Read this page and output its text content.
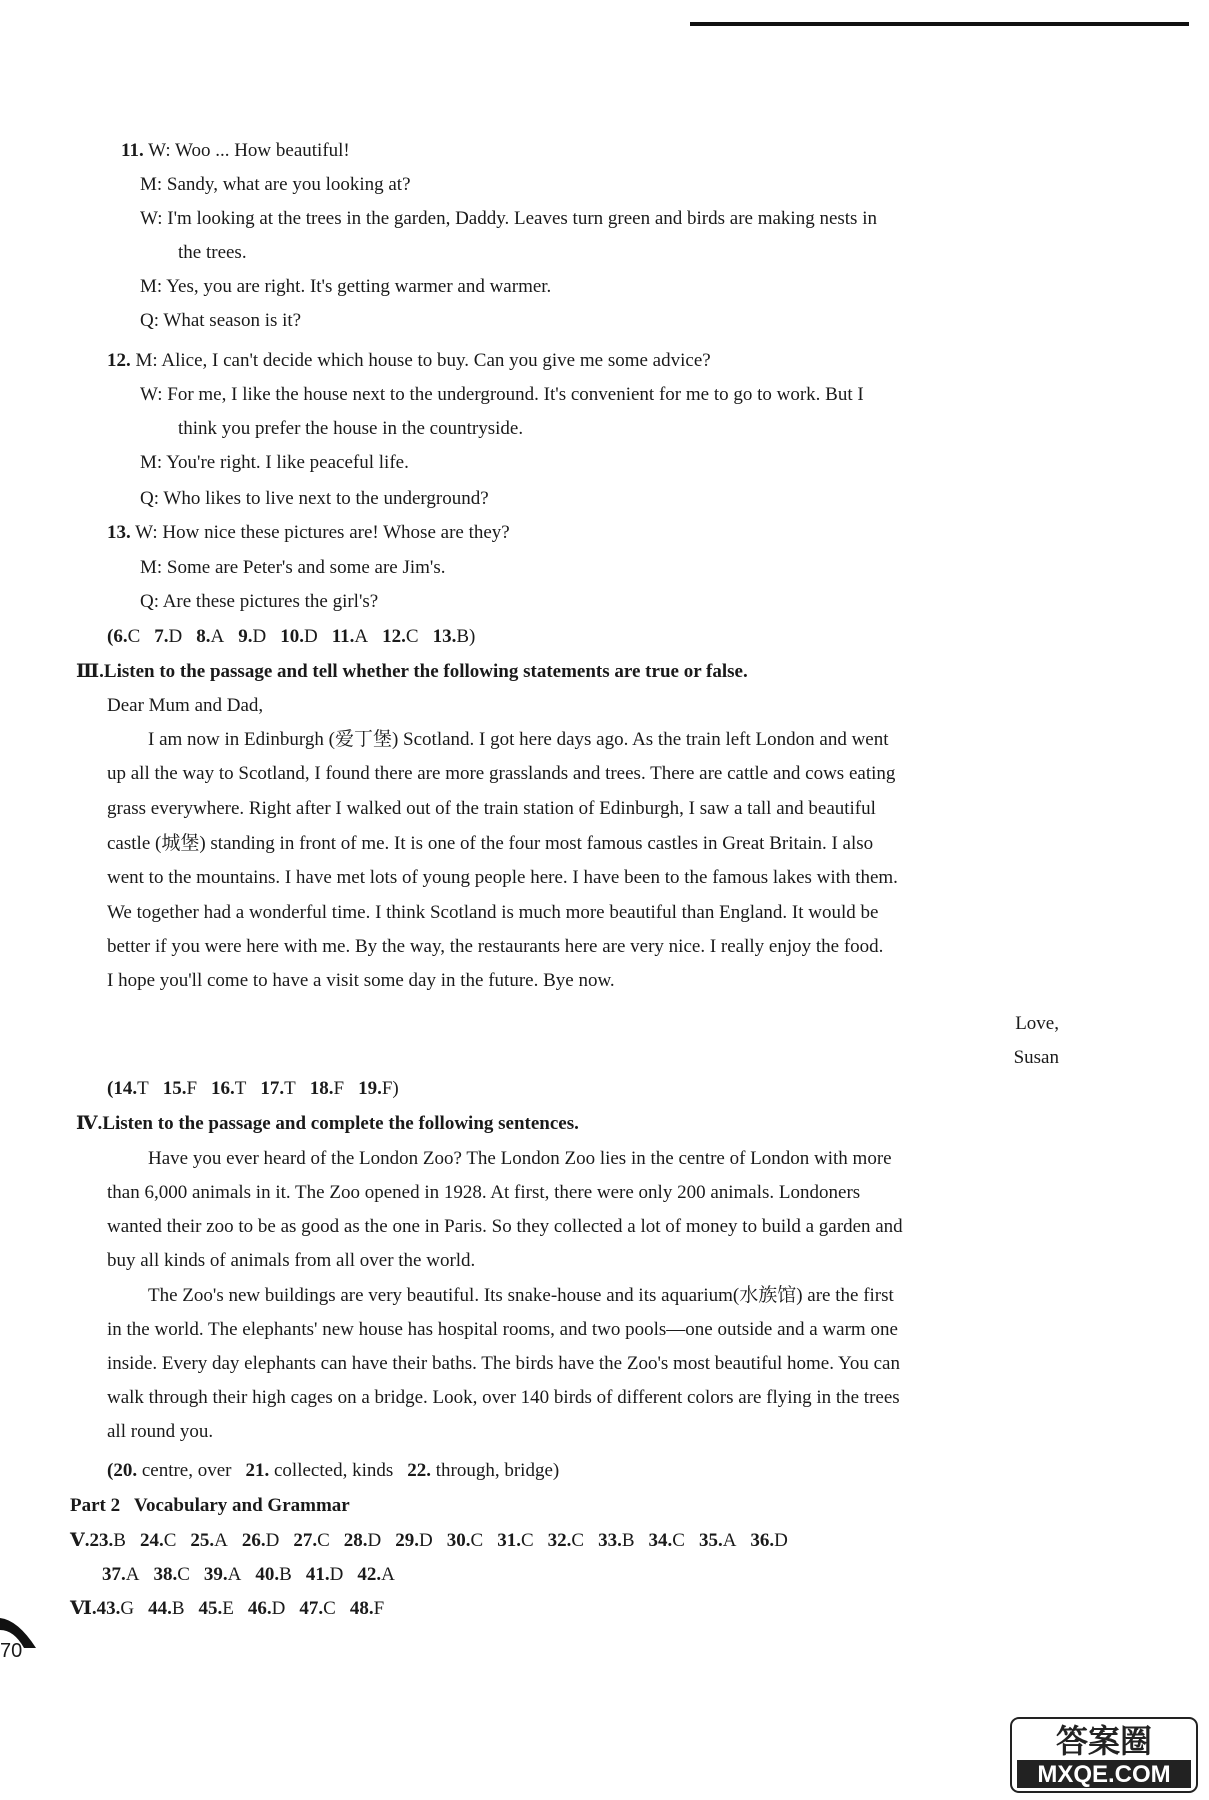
11. W: Woo ... How beautiful!
M: Sandy, what are you looking at?
W: I'm looking at the trees in the garden, Daddy. Leaves turn green and birds are making nests in
the trees.
M: Yes, you are right. It's getting warmer and warmer.
Q: What season is it?
12. M: Alice, I can't decide which house to buy. Can you give me some advice?
W: For me, I like the house next to the underground. It's convenient for me to go to work. But I
think you prefer the house in the countryside.
M: You're right. I like peaceful life.
Q: Who likes to live next to the underground?
13. W: How nice these pictures are! Whose are they?
M: Some are Peter's and some are Jim's.
Q: Are these pictures the girl's?
(6.C 7.D 8.A 9.D 10.D 11.A 12.C 13.B)
Ⅲ.Listen to the passage and tell whether the following statements are true or false.
Dear Mum and Dad,
I am now in Edinburgh (爱丁堡) Scotland. I got here days ago. As the train left London and went
up all the way to Scotland, I found there are more grasslands and trees. There are cattle and cows eating
grass everywhere. Right after I walked out of the train station of Edinburgh, I saw a tall and beautiful
castle (城堡) standing in front of me. It is one of the four most famous castles in Great Britain. I also
went to the mountains. I have met lots of young people here. I have been to the famous lakes with them.
We together had a wonderful time. I think Scotland is much more beautiful than England. It would be
better if you were here with me. By the way, the restaurants here are very nice. I really enjoy the food.
I hope you'll come to have a visit some day in the future. Bye now.
Love,
Susan
(14.T 15.F 16.T 17.T 18.F 19.F)
Ⅳ.Listen to the passage and complete the following sentences.
Have you ever heard of the London Zoo? The London Zoo lies in the centre of London with more
than 6,000 animals in it. The Zoo opened in 1928. At first, there were only 200 animals. Londoners
wanted their zoo to be as good as the one in Paris. So they collected a lot of money to build a garden and
buy all kinds of animals from all over the world.
The Zoo's new buildings are very beautiful. Its snake-house and its aquarium(水族馆) are the first
in the world. The elephants' new house has hospital rooms, and two pools—one outside and a warm one
inside. Every day elephants can have their baths. The birds have the Zoo's most beautiful home. You can
walk through their high cages on a bridge. Look, over 140 birds of different colors are flying in the trees
all round you.
(20. centre, over 21. collected, kinds 22. through, bridge)
Part 2   Vocabulary and Grammar
Ⅴ.23.B 24.C 25.A 26.D 27.C 28.D 29.D 30.C 31.C 32.C 33.B 34.C 35.A 36.D
37.A 38.C 39.A 40.B 41.D 42.A
Ⅵ.43.G 44.B 45.E 46.D 47.C 48.F
70
答案圈
MXQE.COM
